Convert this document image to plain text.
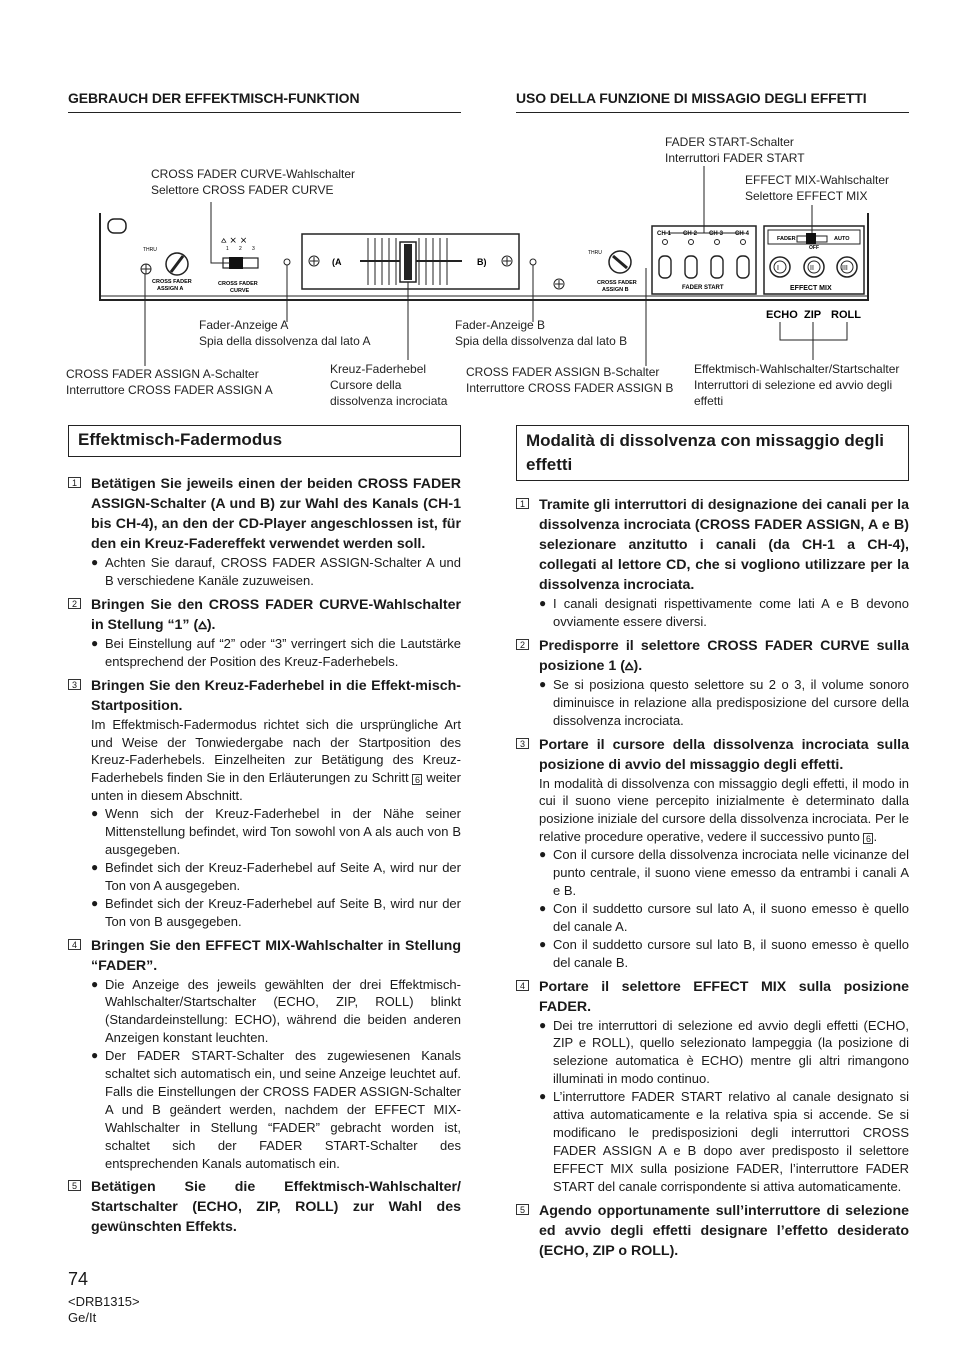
GEBRAUCH DER EFFEKTMISCH-FUNKTION	USO DELLA FUNZIONE DI MISSAGIO DEGLI EFFETTI
FADER START-Schalter
Interruttori FADER START
CROSS FADER CURVE-Wahlschalter
Selettore CROSS FADER CURVE
EFFECT MIX-Wahlschalter
Selettore EFFECT MIX
Fader-Anzeige A
Spia della dissolvenza dal lato A
Fader-Anzeige B
Spia della dissolvenza dal lato B
CROSS FADER ASSIGN A-Schalter
Interruttore CROSS FADER ASSIGN A
Kreuz-Faderhebel
Cursore della
dissolvenza incrociata
CROSS FADER ASSIGN B-Schalter
Interruttore CROSS FADER ASSIGN B
Effektmisch-Wahlschalter/Startschalter
Interruttori di selezione ed avvio degli
effetti
THRU
CROSS FADER
ASSIGN A
⩟ ⨯ ⨯
1 2 3
CROSS FADER
CURVE
(A	B)
THRU
CROSS FADER
ASSIGN B
CH-1 CH-2 CH-3 CH-4
FADER START
FADER	AUTO
OFF
I	II	III
EFFECT MIX
ECHO ZIP ROLL
Effektmisch-Fadermodus
1 Betätigen Sie jeweils einen der beiden CROSS FADER ASSIGN-Schalter (A und B) zur Wahl des Kanals (CH-1 bis CH-4), an den der CD-Player angeschlossen ist, für den ein Kreuz-Fadereffekt verwendet werden soll.
● Achten Sie darauf, CROSS FADER ASSIGN-Schalter A und B verschiedene Kanäle zuzuweisen.
2 Bringen Sie den CROSS FADER CURVE-Wahlschalter in Stellung “1” (⩟).
● Bei Einstellung auf “2” oder “3” verringert sich die Lautstärke entsprechend der Position des Kreuz-Faderhebels.
3 Bringen Sie den Kreuz-Faderhebel in die Effekt-misch-Startposition.
Im Effektmisch-Fadermodus richtet sich die ursprüngliche Art und Weise der Tonwiedergabe nach der Startposition des Kreuz-Faderhebels. Einzelheiten zur Betätigung des Kreuz-Faderhebels finden Sie in den Erläuterungen zu Schritt 6 weiter unten in diesem Abschnitt.
● Wenn sich der Kreuz-Faderhebel in der Nähe seiner Mittenstellung befindet, wird Ton sowohl von A als auch von B ausgegeben.
● Befindet sich der Kreuz-Faderhebel auf Seite A, wird nur der Ton von A ausgegeben.
● Befindet sich der Kreuz-Faderhebel auf Seite B, wird nur der Ton von B ausgegeben.
4 Bringen Sie den EFFECT MIX-Wahlschalter in Stellung “FADER”.
● Die Anzeige des jeweils gewählten der drei Effektmisch-Wahlschalter/Startschalter (ECHO, ZIP, ROLL) blinkt (Standardeinstellung: ECHO), während die beiden anderen Anzeigen konstant leuchten.
● Der FADER START-Schalter des zugewiesenen Kanals schaltet sich automatisch ein, und seine Anzeige leuchtet auf. Falls die Einstellungen der CROSS FADER ASSIGN-Schalter A und B geändert werden, nachdem der EFFECT MIX-Wahlschalter in Stellung “FADER” gebracht worden ist, schaltet sich der FADER START-Schalter des entsprechenden Kanals automatisch ein.
5 Betätigen Sie die Effektmisch-Wahlschalter/ Startschalter (ECHO, ZIP, ROLL) zur Wahl des gewünschten Effekts.
Modalità di dissolvenza con missaggio degli effetti
1 Tramite gli interruttori di designazione dei canali per la dissolvenza incrociata (CROSS FADER ASSIGN, A e B) selezionare anzitutto i canali (da CH-1 a CH-4), collegati al lettore CD, che si vogliono utilizzare per la dissolvenza incrociata.
● I canali designati rispettivamente come lati A e B devono ovviamente essere diversi.
2 Predisporre il selettore CROSS FADER CURVE sulla posizione 1 (⩟).
● Se si posiziona questo selettore su 2 o 3, il volume sonoro diminuisce in relazione alla predisposizione del cursore della dissolvenza incrociata.
3 Portare il cursore della dissolvenza incrociata sulla posizione di avvio del missaggio degli effetti.
In modalità di dissolvenza con missaggio degli effetti, il modo in cui il suono viene percepito inizialmente è determinato dalla posizione iniziale del cursore della dissolvenza incrociata. Per le relative procedure operative, vedere il successivo punto 6 .
● Con il cursore della dissolvenza incrociata nelle vicinanze del punto centrale, il suono viene emesso da entrambi i canali A e B.
● Con il suddetto cursore sul lato A, il suono emesso è quello del canale A.
● Con il suddetto cursore sul lato B, il suono emesso è quello del canale B.
4 Portare il selettore EFFECT MIX sulla posizione FADER.
● Dei tre interruttori di selezione ed avvio degli effetti (ECHO, ZIP e ROLL), quello selezionato lampeggia (la posizione di selezione automatica è ECHO) mentre gli altri rimangono illuminati in modo continuo.
● L’interruttore FADER START relativo al canale designato si attiva automaticamente e la relativa spia si accende. Se si modificano le predisposizioni degli interruttori CROSS FADER ASSIGN A e B dopo aver predisposto il selettore EFFECT MIX sulla posizione FADER, l’interruttore FADER START del canale corrispondente si attiva automaticamente.
5 Agendo opportunamente sull’interruttore di selezione ed avvio degli effetti designare l’effetto desiderato (ECHO, ZIP o ROLL).
74
<DRB1315>
Ge/It
